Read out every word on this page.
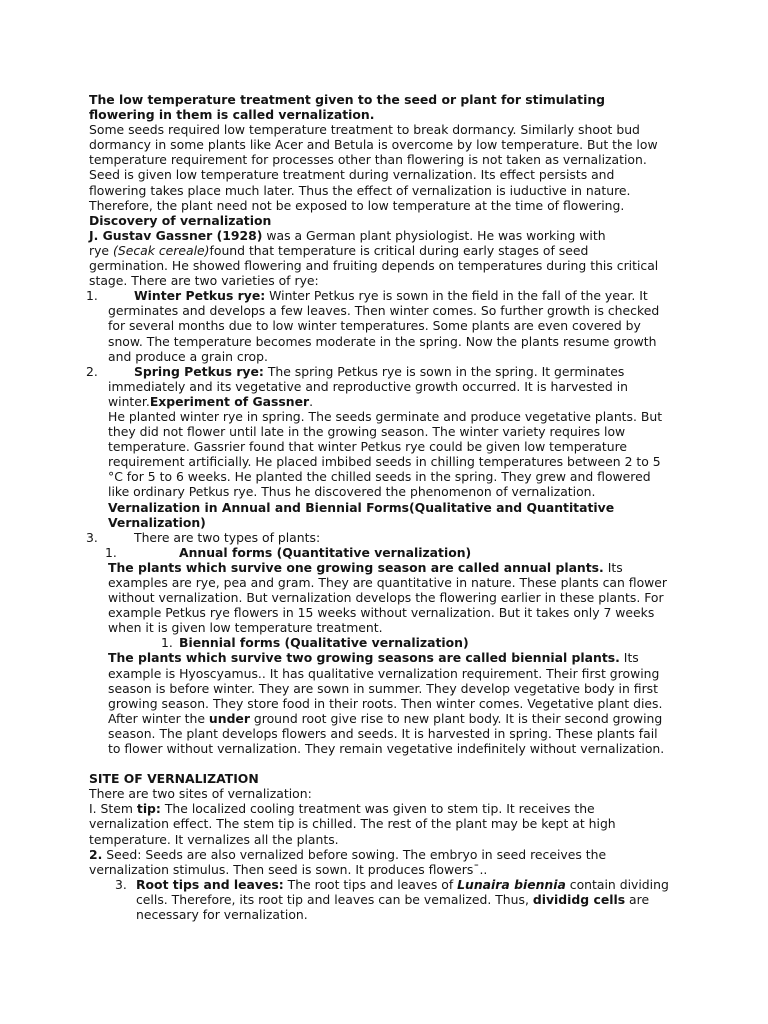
The low temperature treatment given to the seed or plant for stimulating

flowering in them is called vernalization.

Some seeds required low temperature treatment to break dormancy. Similarly shoot bud

dormancy in some plants like Acer and Betula is overcome by low temperature. But the low

temperature requirement for processes other than flowering is not taken as vernalization.

Seed is given low temperature treatment during vernalization. Its effect persists and

flowering takes place much later. Thus the effect of vernalization is iuductive in nature.

Therefore, the plant need not be exposed to low temperature at the time of flowering.

Discovery of vernalization

J. Gustav Gassner (1928) was a German plant physiologist. He was working with

rye (Secak cereale)found that temperature is critical during early stages of seed

germination. He showed flowering and fruiting depends on temperatures during this critical

stage. There are two varieties of rye:

1.	Winter Petkus rye: Winter Petkus rye is sown in the field in the fall of the year. It

germinates and develops a few leaves. Then winter comes. So further growth is checked

for several months due to low winter temperatures. Some plants are even covered by

snow. The temperature becomes moderate in the spring. Now the plants resume growth

and produce a grain crop.

2.	Spring Petkus rye: The spring Petkus rye is sown in the spring. It germinates

immediately and its vegetative and reproductive growth occurred. It is harvested in

winter.Experiment of Gassner.

He planted winter rye in spring. The seeds germinate and produce vegetative plants. But

they did not flower until late in the growing season. The winter variety requires low

temperature. Gassrier found that winter Petkus rye could be given low temperature

requirement artificially. He placed imbibed seeds in chilling temperatures between 2 to 5

°C for 5 to 6 weeks. He planted the chilled seeds in the spring. They grew and flowered

like ordinary Petkus rye. Thus he discovered the phenomenon of vernalization.

Vernalization in Annual and Biennial Forms(Qualitative and Quantitative

Vernalization)

3.	There are two types of plants:

1.	Annual forms (Quantitative vernalization)

The plants which survive one growing season are called annual plants. Its

examples are rye, pea and gram. They are quantitative in nature. These plants can flower

without vernalization. But vernalization develops the flowering earlier in these plants. For

example Petkus rye flowers in 15 weeks without vernalization. But it takes only 7 weeks

when it is given low temperature treatment.

1. Biennial forms (Qualitative vernalization)

The plants which survive two growing seasons are called biennial plants. Its

example is Hyoscyamus.. It has qualitative vernalization requirement. Their first growing

season is before winter. They are sown in summer. They develop vegetative body in first

growing season. They store food in their roots. Then winter comes. Vegetative plant dies.

After winter the under ground root give rise to new plant body. It is their second growing

season. The plant develops flowers and seeds. It is harvested in spring. These plants fail

to flower without vernalization. They remain vegetative indefinitely without vernalization.

SITE OF VERNALIZATION

There are two sites of vernalization:

I. Stem tip: The localized cooling treatment was given to stem tip. It receives the

vernalization effect. The stem tip is chilled. The rest of the plant may be kept at high

temperature. It vernalizes all the plants.

2. Seed: Seeds are also vernalized before sowing. The embryo in seed receives the

vernalization stimulus. Then seed is sown. It produces flowersˉ..

3. Root tips and leaves: The root tips and leaves of Lunaira biennia contain dividing

cells. Therefore, its root tip and leaves can be vemalized. Thus, divididg cells are

necessary for vernalization.
